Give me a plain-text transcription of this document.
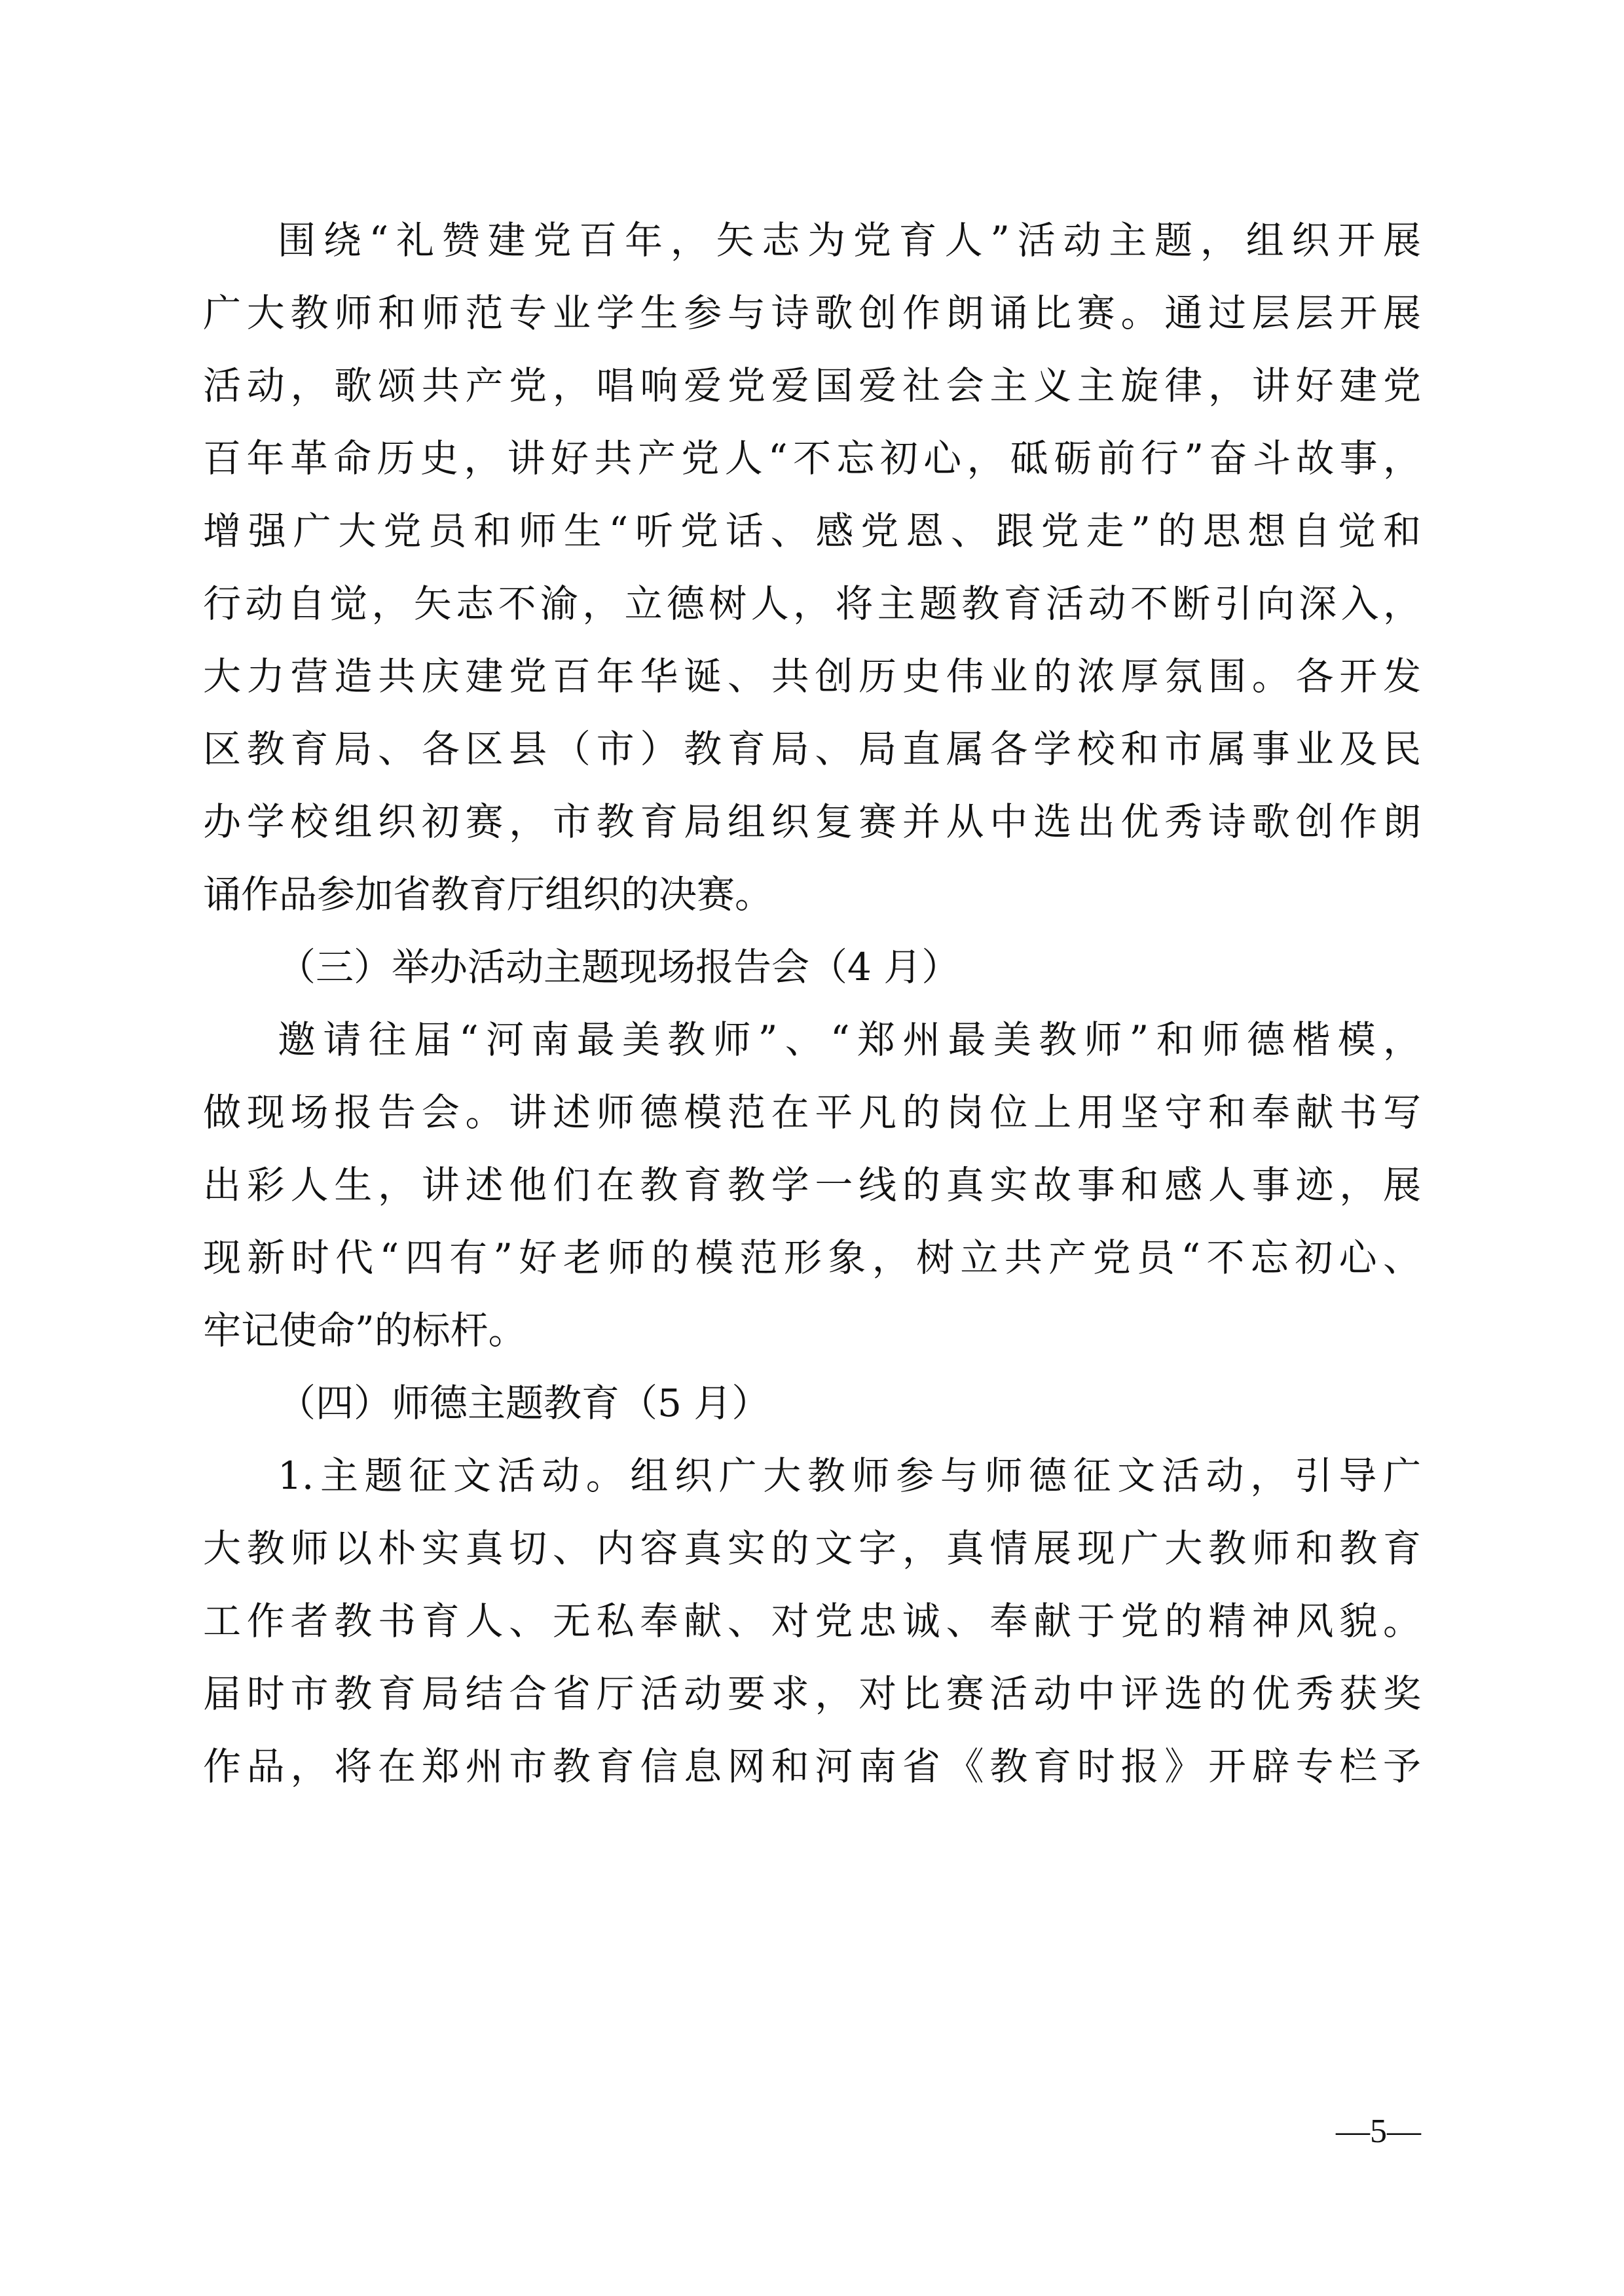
围绕“礼赞建党百年，矢志为党育人”活动主题，组织开展
广大教师和师范专业学生参与诗歌创作朗诵比赛。通过层层开展
活动，歌颂共产党，唱响爱党爱国爱社会主义主旋律，讲好建党
百年革命历史，讲好共产党人“不忘初心，砥砺前行”奋斗故事，
增强广大党员和师生“听党话、感党恩、跟党走”的思想自觉和
行动自觉，矢志不渝，立德树人，将主题教育活动不断引向深入，
大力营造共庆建党百年华诞、共创历史伟业的浓厚氛围。各开发
区教育局、各区县（市）教育局、局直属各学校和市属事业及民
办学校组织初赛，市教育局组织复赛并从中选出优秀诗歌创作朗
诵作品参加省教育厅组织的决赛。
（三）举办活动主题现场报告会（4 月）
邀请往届“河南最美教师”、“郑州最美教师”和师德楷模，
做现场报告会。讲述师德模范在平凡的岗位上用坚守和奉献书写
出彩人生，讲述他们在教育教学一线的真实故事和感人事迹，展
现新时代“四有”好老师的模范形象，树立共产党员“不忘初心、
牢记使命”的标杆。
（四）师德主题教育（5 月）
1.主题征文活动。组织广大教师参与师德征文活动，引导广
大教师以朴实真切、内容真实的文字，真情展现广大教师和教育
工作者教书育人、无私奉献、对党忠诚、奉献于党的精神风貌。
届时市教育局结合省厅活动要求，对比赛活动中评选的优秀获奖
作品，将在郑州市教育信息网和河南省《教育时报》开辟专栏予
—5—
